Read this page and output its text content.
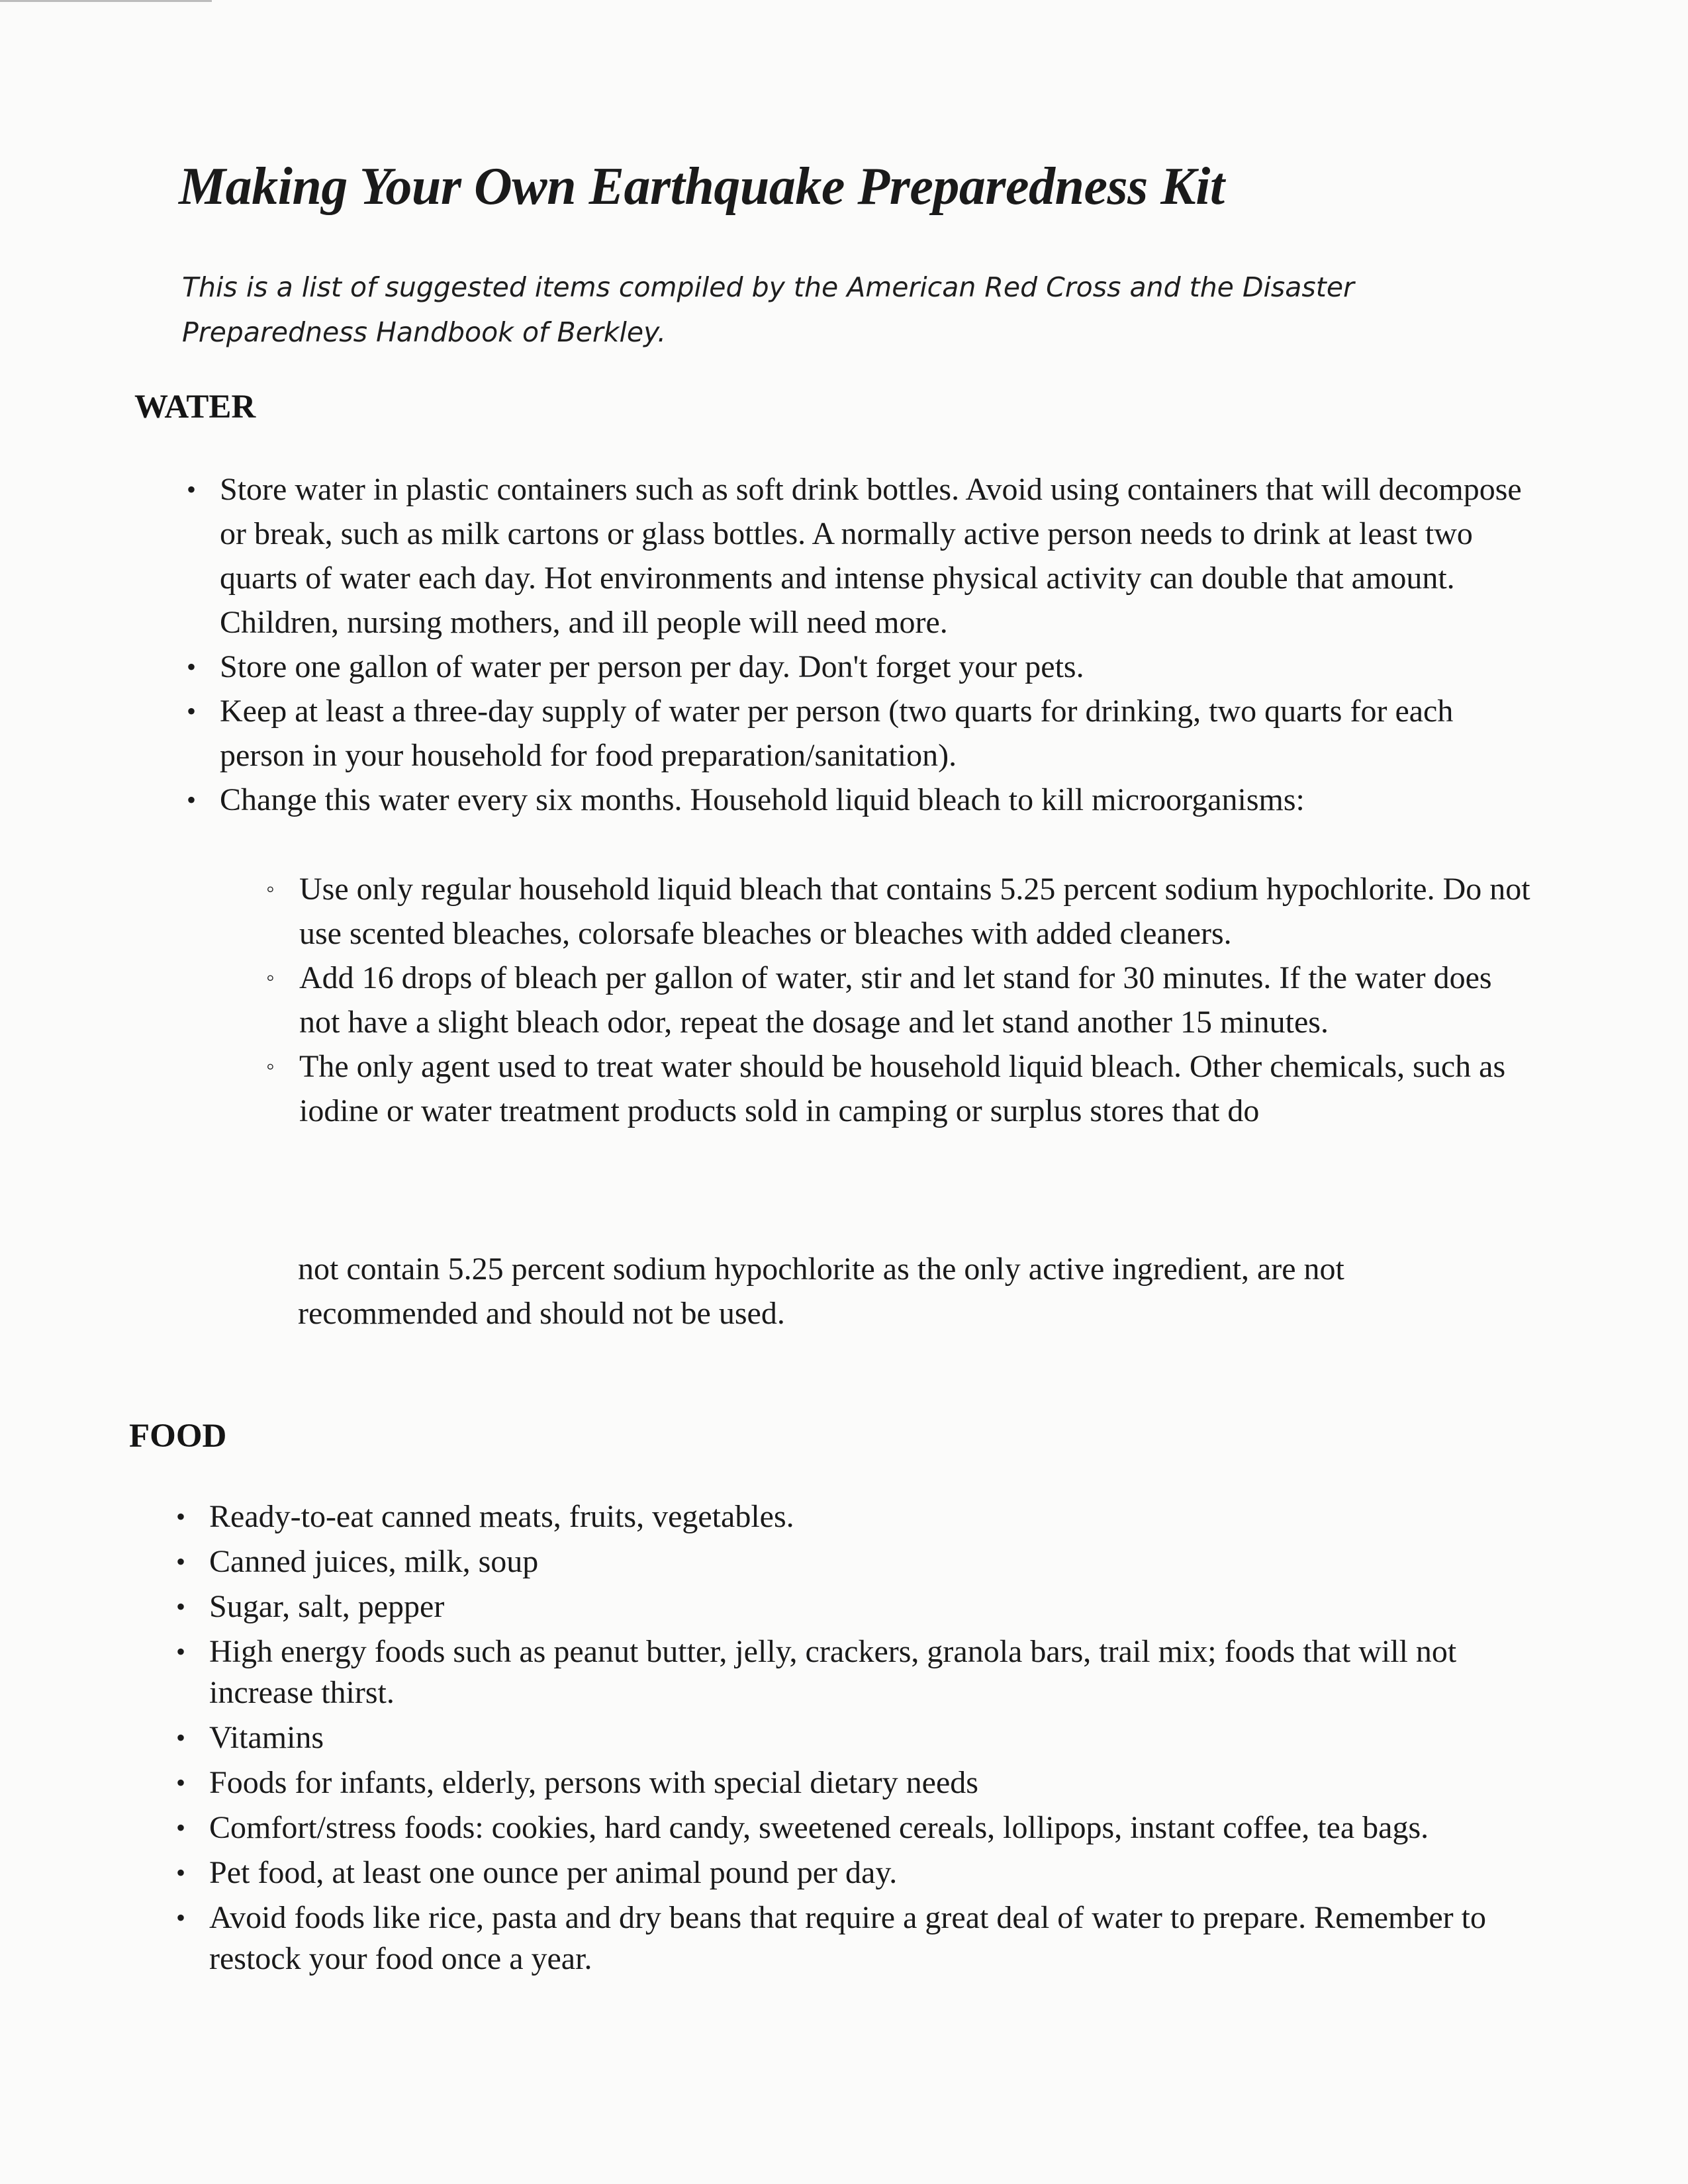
Making Your Own Earthquake Preparedness Kit

This is a list of suggested items compiled by the American Red Cross and the Disaster Preparedness Handbook of Berkley.

WATER
• Store water in plastic containers such as soft drink bottles. Avoid using containers that will decompose or break, such as milk cartons or glass bottles. A normally active person needs to drink at least two quarts of water each day. Hot environments and intense physical activity can double that amount. Children, nursing mothers, and ill people will need more.
• Store one gallon of water per person per day. Don't forget your pets.
• Keep at least a three-day supply of water per person (two quarts for drinking, two quarts for each person in your household for food preparation/sanitation).
• Change this water every six months. Household liquid bleach to kill microorganisms:
◦ Use only regular household liquid bleach that contains 5.25 percent sodium hypochlorite. Do not use scented bleaches, colorsafe bleaches or bleaches with added cleaners.
◦ Add 16 drops of bleach per gallon of water, stir and let stand for 30 minutes. If the water does not have a slight bleach odor, repeat the dosage and let stand another 15 minutes.
◦ The only agent used to treat water should be household liquid bleach. Other chemicals, such as iodine or water treatment products sold in camping or surplus stores that do

not contain 5.25 percent sodium hypochlorite as the only active ingredient, are not recommended and should not be used.

FOOD
• Ready-to-eat canned meats, fruits, vegetables.
• Canned juices, milk, soup
• Sugar, salt, pepper
• High energy foods such as peanut butter, jelly, crackers, granola bars, trail mix; foods that will not increase thirst.
• Vitamins
• Foods for infants, elderly, persons with special dietary needs
• Comfort/stress foods: cookies, hard candy, sweetened cereals, lollipops, instant coffee, tea bags.
• Pet food, at least one ounce per animal pound per day.
• Avoid foods like rice, pasta and dry beans that require a great deal of water to prepare. Remember to restock your food once a year.
